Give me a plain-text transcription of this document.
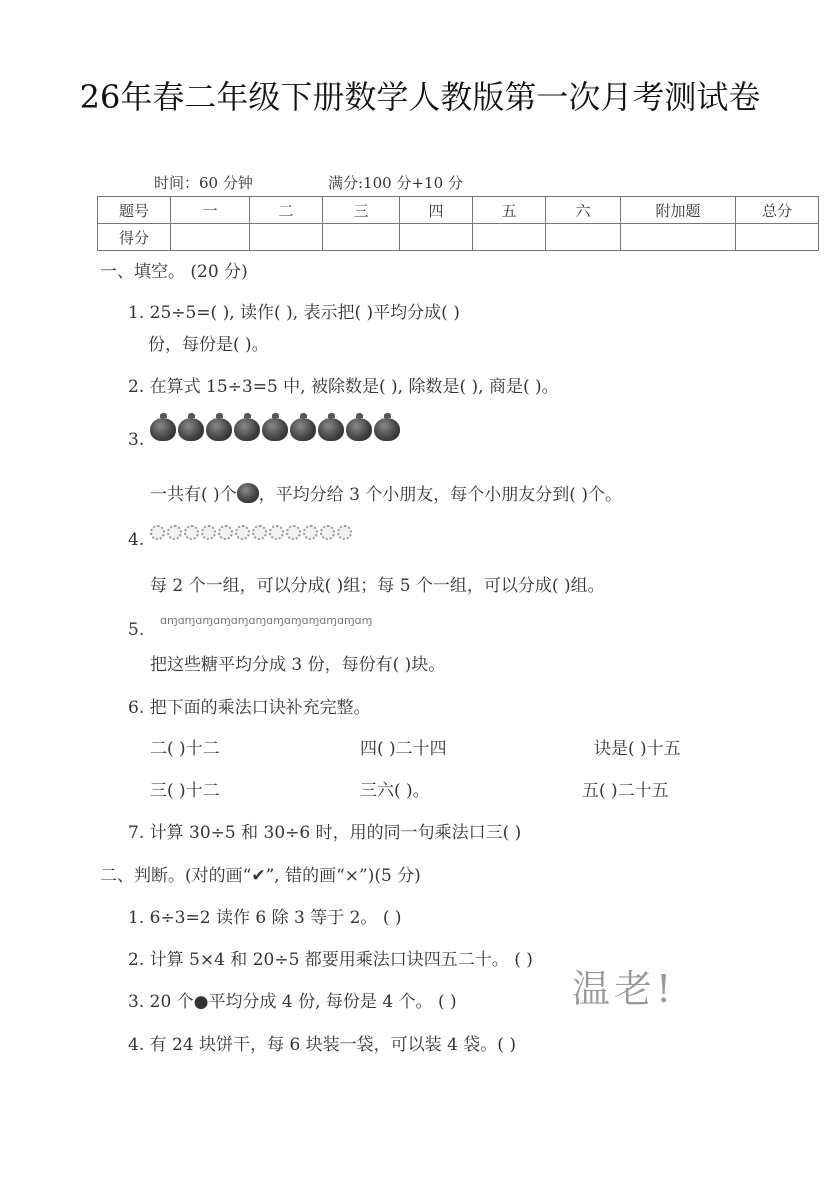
26年春二年级下册数学人教版第一次月考测试卷
时间：60 分钟	满分:100 分+10 分
题号	一	二	三	四	五	六	附加题	总分
得分								
一、填空。 (20 分)
1. 25÷5=( ), 读作( ), 表示把( )平均分成( )
份，每份是( )。
2. 在算式 15÷3=5 中, 被除数是( ), 除数是( ), 商是( )。
3.
一共有( )个 ，平均分给 3 个小朋友，每个小朋友分到( )个。
4.
每 2 个一组，可以分成( )组；每 5 个一组，可以分成( )组。
5. ɑɱɑɱɑɱɑɱɑɱɑɱɑɱɑɱɑɱɑɱɑɱɑɱ
把这些糖平均分成 3 份，每份有( )块。
6. 把下面的乘法口诀补充完整。
二( )十二	四( )二十四	诀是( )十五
三( )十二	三六( )。	五( )二十五
7. 计算 30÷5 和 30÷6 时，用的同一句乘法口三( )
二、判断。(对的画“✔”, 错的画“×”)(5 分)
1. 6÷3=2 读作 6 除 3 等于 2。 ( )
2. 计算 5×4 和 20÷5 都要用乘法口诀四五二十。 ( )
3. 20 个●平均分成 4 份, 每份是 4 个。 ( )
4. 有 24 块饼干，每 6 块装一袋，可以装 4 袋。( )
温老!
